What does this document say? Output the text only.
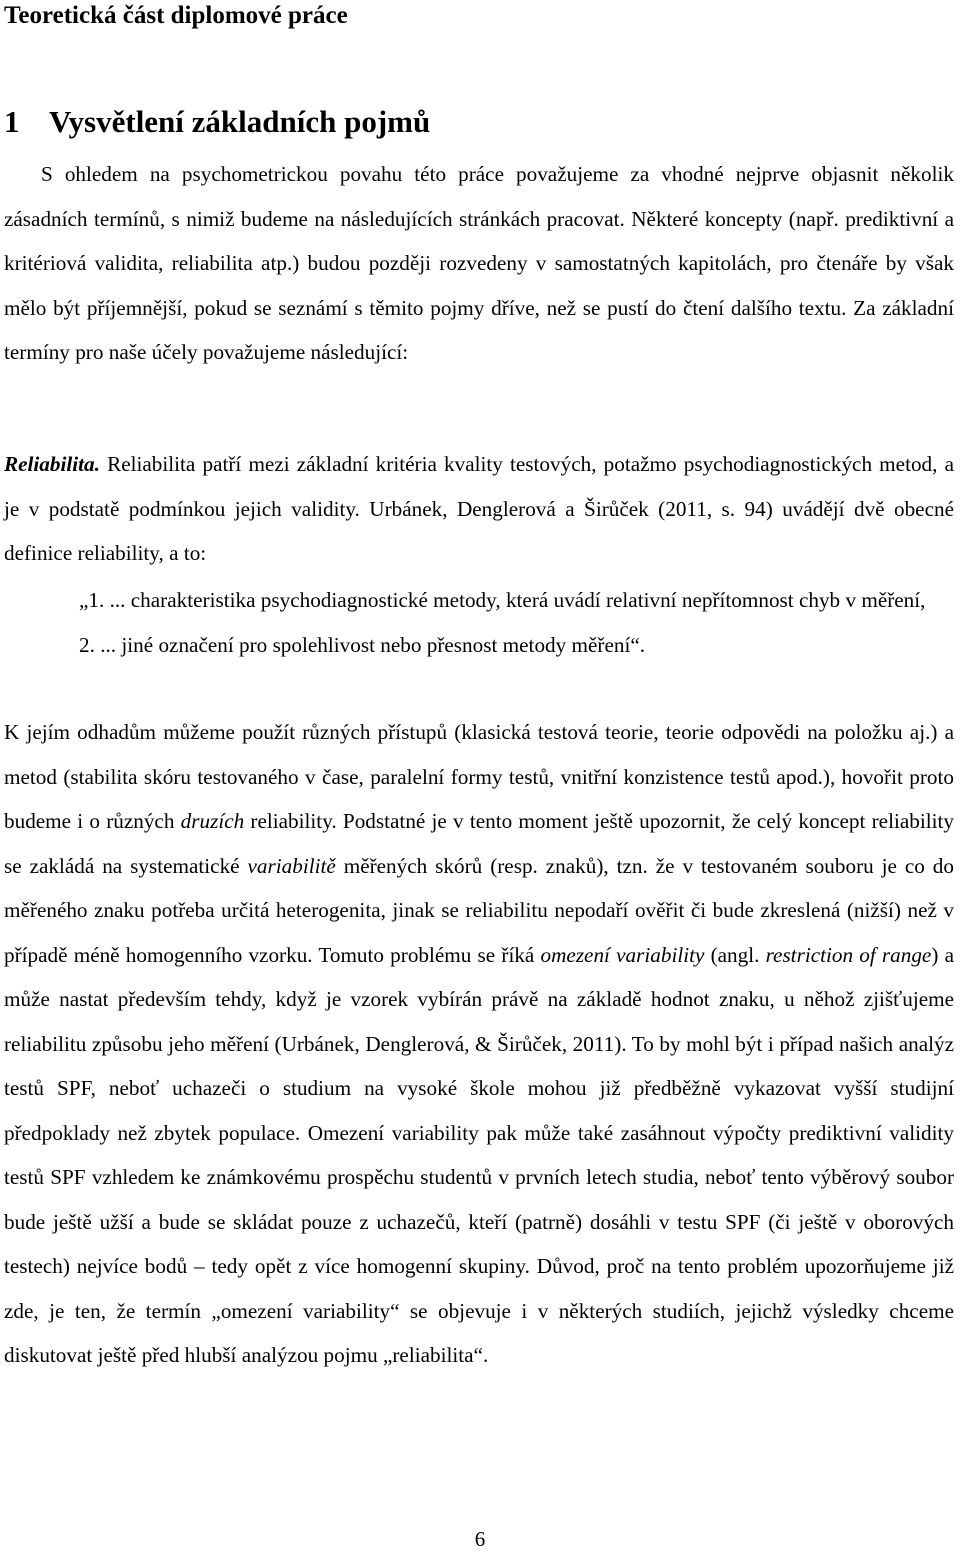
Teoretická část diplomové práce
1 Vysvětlení základních pojmů

S ohledem na psychometrickou povahu této práce považujeme za vhodné nejprve objasnit několik zásadních termínů, s nimiž budeme na následujících stránkách pracovat. Některé koncepty (např. prediktivní a kritériová validita, reliabilita atp.) budou později rozvedeny v samostatných kapitolách, pro čtenáře by však mělo být příjemnější, pokud se seznámí s těmito pojmy dříve, než se pustí do čtení dalšího textu. Za základní termíny pro naše účely považujeme následující:

Reliabilita. Reliabilita patří mezi základní kritéria kvality testových, potažmo psychodiagnostických metod, a je v podstatě podmínkou jejich validity. Urbánek, Denglerová a Širůček (2011, s. 94) uvádějí dvě obecné definice reliability, a to:

„1. ... charakteristika psychodiagnostické metody, která uvádí relativní nepřítomnost chyb v měření,
2. ... jiné označení pro spolehlivost nebo přesnost metody měření“.

K jejím odhadům můžeme použít různých přístupů (klasická testová teorie, teorie odpovědi na položku aj.) a metod (stabilita skóru testovaného v čase, paralelní formy testů, vnitřní konzistence testů apod.), hovořit proto budeme i o různých druzích reliability. Podstatné je v tento moment ještě upozornit, že celý koncept reliability se zakládá na systematické variabilitě měřených skórů (resp. znaků), tzn. že v testovaném souboru je co do měřeného znaku potřeba určitá heterogenita, jinak se reliabilitu nepodaří ověřit či bude zkreslená (nižší) než v případě méně homogenního vzorku. Tomuto problému se říká omezení variability (angl. restriction of range) a může nastat především tehdy, když je vzorek vybírán právě na základě hodnot znaku, u něhož zjišťujeme reliabilitu způsobu jeho měření (Urbánek, Denglerová, & Širůček, 2011). To by mohl být i případ našich analýz testů SPF, neboť uchazeči o studium na vysoké škole mohou již předběžně vykazovat vyšší studijní předpoklady než zbytek populace. Omezení variability pak může také zasáhnout výpočty prediktivní validity testů SPF vzhledem ke známkovému prospěchu studentů v prvních letech studia, neboť tento výběrový soubor bude ještě užší a bude se skládat pouze z uchazečů, kteří (patrně) dosáhli v testu SPF (či ještě v oborových testech) nejvíce bodů – tedy opět z více homogenní skupiny. Důvod, proč na tento problém upozorňujeme již zde, je ten, že termín „omezení variability“ se objevuje i v některých studiích, jejichž výsledky chceme diskutovat ještě před hlubší analýzou pojmu „reliabilita“.

6
